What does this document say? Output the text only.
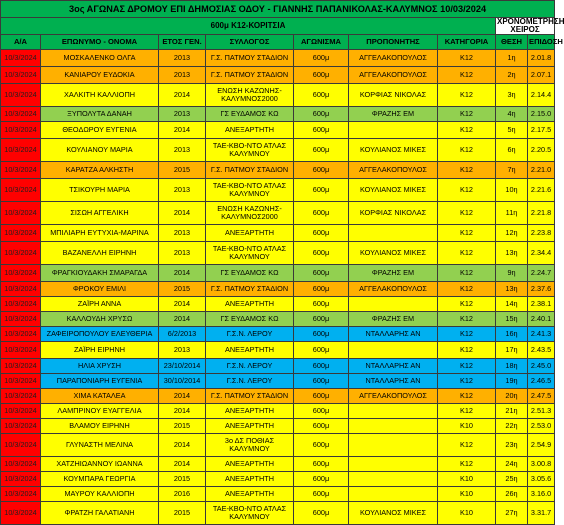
3ος ΑΓΩΝΑΣ ΔΡΟΜΟΥ ΕΠΙ ΔΗΜΟΣΙΑΣ ΟΔΟΥ - ΓΙΑΝΝΗΣ ΠΑΠΑΝΙΚΟΛΑΣ-ΚΑΛΥΜΝΟΣ 10/03/2024								
600μ Κ12-ΚΟΡΙΤΣΙΑ							ΧΡΟΝΟΜΕΤΡΗΣΗ ΧΕΙΡΟΣ	
Α/Α	ΕΠΩΝΥΜΟ - ΟΝΟΜΑ	ΕΤΟΣ ΓΕΝ.	ΣΥΛΛΟΓΟΣ	ΑΓΩΝΙΣΜΑ	ΠΡΟΠΟΝΗΤΗΣ	ΚΑΤΗΓΟΡΙΑ	ΘΕΣΗ	ΕΠΙΔΟΣΗ
10/3/2024	ΜΟΣΚΑΛΕΝΚΟ ΟΛΓΑ	2013	Γ.Σ. ΠΑΤΜΟΥ ΣΤΑΔΙΟΝ	600μ	ΑΓΓΕΛΑΚΟΠΟΥΛΟΣ	Κ12	1η	2.01.8
10/3/2024	ΚΑΝΙΑΡΟΥ ΕΥΔΟΚΙΑ	2013	Γ.Σ. ΠΑΤΜΟΥ ΣΤΑΔΙΟΝ	600μ	ΑΓΓΕΛΑΚΟΠΟΥΛΟΣ	Κ12	2η	2.07.1
10/3/2024	ΧΑΛΚΙΤΗ ΚΑΛΛΙΟΠΗ	2014	ΕΝΩΣΗ ΚΑΖΩΝΗΣ-ΚΑΛΥΜΝΟΣ2000	600μ	ΚΟΡΦΙΑΣ ΝΙΚΟΛΑΣ	Κ12	3η	2.14.4
10/3/2024	ΞΥΠΟΛΥΤΑ ΔΑΝΑΗ	2013	ΓΣ ΕΥΔΑΜΟΣ ΚΩ	600μ	ΦΡΑΖΗΣ ΕΜ	Κ12	4η	2.15.0
10/3/2024	ΘΕΟΔΩΡΟΥ ΕΥΓΕΝΙΑ	2014	ΑΝΕΞΑΡΤΗΤΗ	600μ		Κ12	5η	2.17.5
10/3/2024	ΚΟΥΛΙΑΝΟΥ ΜΑΡΙΑ	2013	ΤΑΕ-ΚΒΟ-ΝΤΟ ΑΤΛΑΣ ΚΑΛΥΜΝΟΥ	600μ	ΚΟΥΛΙΑΝΟΣ ΜΙΚΕΣ	Κ12	6η	2.20.5
10/3/2024	ΚΑΡΑΤΖΑ ΑΛΚΗΣΤΗ	2015	Γ.Σ. ΠΑΤΜΟΥ ΣΤΑΔΙΟΝ	600μ	ΑΓΓΕΛΑΚΟΠΟΥΛΟΣ	Κ12	7η	2.21.0
10/3/2024	ΤΣΙΚΟΥΡΗ ΜΑΡΙΑ	2013	ΤΑΕ-ΚΒΟ-ΝΤΟ ΑΤΛΑΣ ΚΑΛΥΜΝΟΥ	600μ	ΚΟΥΛΙΑΝΟΣ ΜΙΚΕΣ	Κ12	10η	2.21.6
10/3/2024	ΣΙΣΩΗ ΑΓΓΕΛΙΚΗ	2014	ΕΝΩΣΗ ΚΑΖΩΝΗΣ-ΚΑΛΥΜΝΟΣ2000	600μ	ΚΟΡΦΙΑΣ ΝΙΚΟΛΑΣ	Κ12	11η	2.21.8
10/3/2024	ΜΠΙΛΙΑΡΗ ΕΥΤΥΧΙΑ-ΜΑΡΙΝΑ	2013	ΑΝΕΞΑΡΤΗΤΗ	600μ		Κ12	12η	2.23.8
10/3/2024	ΒΑΖΑΝΕΛΛΗ ΕΙΡΗΝΗ	2013	ΤΑΕ-ΚΒΟ-ΝΤΟ ΑΤΛΑΣ ΚΑΛΥΜΝΟΥ	600μ	ΚΟΥΛΙΑΝΟΣ ΜΙΚΕΣ	Κ12	13η	2.34.4
10/3/2024	ΦΡΑΓΚΙΟΥΔΑΚΗ ΣΜΑΡΑΓΔΑ	2014	ΓΣ ΕΥΔΑΜΟΣ ΚΩ	600μ	ΦΡΑΖΗΣ ΕΜ	Κ12	9η	2.24.7
10/3/2024	ΦΡΟΚΟΥ ΕΜΙΛΙ	2015	Γ.Σ. ΠΑΤΜΟΥ ΣΤΑΔΙΟΝ	600μ	ΑΓΓΕΛΑΚΟΠΟΥΛΟΣ	Κ12	13η	2.37.6
10/3/2024	ΖΑΪΡΗ ΑΝΝΑ	2014	ΑΝΕΞΑΡΤΗΤΗ	600μ		Κ12	14η	2.38.1
10/3/2024	ΚΑΛΛΟΥΔΗ ΧΡΥΣΩ	2014	ΓΣ ΕΥΔΑΜΟΣ ΚΩ	600μ	ΦΡΑΖΗΣ ΕΜ	Κ12	15η	2.40.1
10/3/2024	ΖΑΦΕΙΡΟΠΟΥΛΟΥ ΕΛΕΥΘΕΡΙΑ	6/2/2013	Γ.Σ.Ν. ΛΕΡΟΥ	600μ	ΝΤΑΛΛΑΡΗΣ ΑΝ	Κ12	16η	2.41.3
10/3/2024	ΖΑΪΡΗ ΕΙΡΗΝΗ	2013	ΑΝΕΞΑΡΤΗΤΗ	600μ		Κ12	17η	2.43.5
10/3/2024	ΗΛΙΑ ΧΡΥΣΗ	23/10/2014	Γ.Σ.Ν. ΛΕΡΟΥ	600μ	ΝΤΑΛΛΑΡΗΣ ΑΝ	Κ12	18η	2.45.0
10/3/2024	ΠΑΡΑΠΟΝΙΑΡΗ ΕΥΓΕΝΙΑ	30/10/2014	Γ.Σ.Ν. ΛΕΡΟΥ	600μ	ΝΤΑΛΛΑΡΗΣ ΑΝ	Κ12	19η	2.46.5
10/3/2024	ΧΙΜΑ ΚΑΤΑΛΕΑ	2014	Γ.Σ. ΠΑΤΜΟΥ ΣΤΑΔΙΟΝ	600μ	ΑΓΓΕΛΑΚΟΠΟΥΛΟΣ	Κ12	20η	2.47.5
10/3/2024	ΛΑΜΠΡΙΝΟΥ ΕΥΑΓΓΕΛΙΑ	2014	ΑΝΕΞΑΡΤΗΤΗ	600μ		Κ12	21η	2.51.3
10/3/2024	ΒΛΑΜΟΥ ΕΙΡΗΝΗ	2015	ΑΝΕΞΑΡΤΗΤΗ	600μ		Κ10	22η	2.53.0
10/3/2024	ΓΛΥΝΑΣΤΗ ΜΕΛΙΝΑ	2014	3ο ΔΣ ΠΟΘΙΑΣ ΚΑΛΥΜΝΟΥ	600μ		Κ12	23η	2.54.9
10/3/2024	ΧΑΤΖΗΙΩΑΝΝΟΥ ΙΩΑΝΝΑ	2014	ΑΝΕΞΑΡΤΗΤΗ	600μ		Κ12	24η	3.00.8
10/3/2024	ΚΟΥΜΠΑΡΑ ΓΕΩΡΓΙΑ	2015	ΑΝΕΞΑΡΤΗΤΗ	600μ		Κ10	25η	3.05.6
10/3/2024	ΜΑΥΡΟΥ ΚΑΛΛΙΟΠΗ	2016	ΑΝΕΞΑΡΤΗΤΗ	600μ		Κ10	26η	3.16.0
10/3/2024	ΦΡΑΤΖΗ ΓΑΛΑΤΙΑΝΗ	2015	ΤΑΕ-ΚΒΟ-ΝΤΟ ΑΤΛΑΣ ΚΑΛΥΜΝΟΥ	600μ	ΚΟΥΛΙΑΝΟΣ ΜΙΚΕΣ	Κ10	27η	3.31.7
